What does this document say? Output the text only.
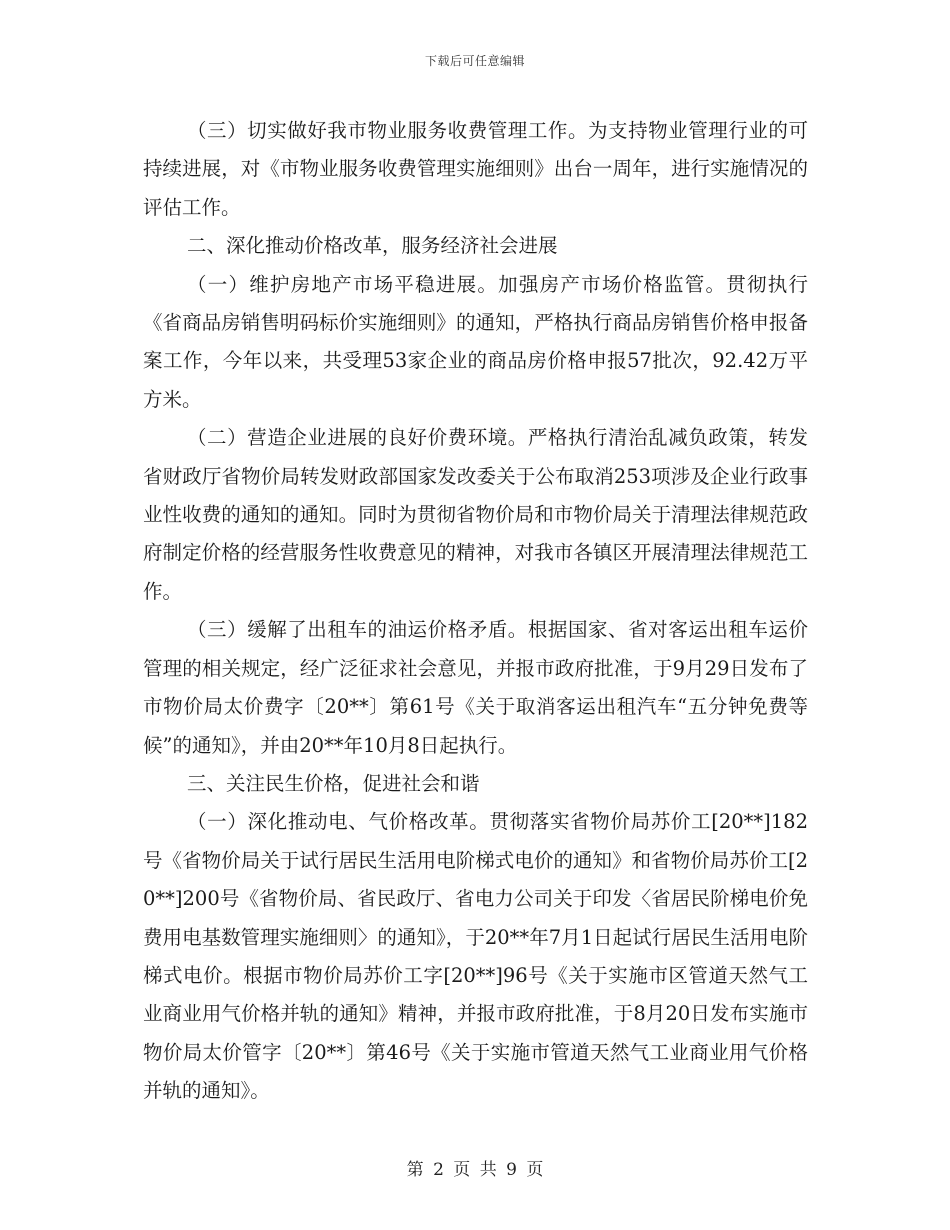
下载后可任意编辑

（三）切实做好我市物业服务收费管理工作。为支持物业管理行业的可持续进展，对《市物业服务收费管理实施细则》出台一周年，进行实施情况的评估工作。

二、深化推动价格改革，服务经济社会进展

（一）维护房地产市场平稳进展。加强房产市场价格监管。贯彻执行《省商品房销售明码标价实施细则》的通知，严格执行商品房销售价格申报备案工作，今年以来，共受理53家企业的商品房价格申报57批次，92.42万平方米。

（二）营造企业进展的良好价费环境。严格执行清治乱减负政策，转发省财政厅省物价局转发财政部国家发改委关于公布取消253项涉及企业行政事业性收费的通知的通知。同时为贯彻省物价局和市物价局关于清理法律规范政府制定价格的经营服务性收费意见的精神，对我市各镇区开展清理法律规范工作。

（三）缓解了出租车的油运价格矛盾。根据国家、省对客运出租车运价管理的相关规定，经广泛征求社会意见，并报市政府批准，于9月29日发布了市物价局太价费字〔20**〕第61号《关于取消客运出租汽车“五分钟免费等候”的通知》，并由20**年10月8日起执行。

三、关注民生价格，促进社会和谐

（一）深化推动电、气价格改革。贯彻落实省物价局苏价工[20**]182号《省物价局关于试行居民生活用电阶梯式电价的通知》和省物价局苏价工[20**]200号《省物价局、省民政厅、省电力公司关于印发〈省居民阶梯电价免费用电基数管理实施细则〉的通知》，于20**年7月1日起试行居民生活用电阶梯式电价。根据市物价局苏价工字[20**]96号《关于实施市区管道天然气工业商业用气价格并轨的通知》精神，并报市政府批准，于8月20日发布实施市物价局太价管字〔20**〕第46号《关于实施市管道天然气工业商业用气价格并轨的通知》。

第 2 页 共 9 页
